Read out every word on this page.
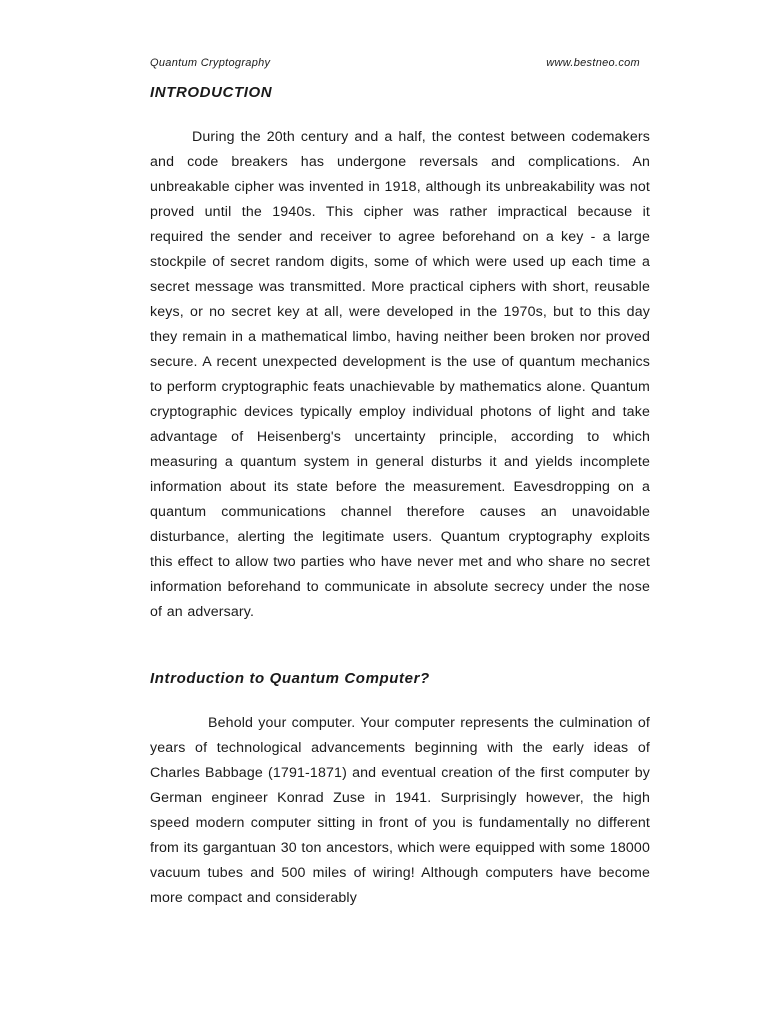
Quantum Cryptography	www.bestneo.com
INTRODUCTION

During the 20th century and a half, the contest between codemakers and code breakers has undergone reversals and complications. An unbreakable cipher was invented in 1918, although its unbreakability was not proved until the 1940s. This cipher was rather impractical because it required the sender and receiver to agree beforehand on a key - a large stockpile of secret random digits, some of which were used up each time a secret message was transmitted. More practical ciphers with short, reusable keys, or no secret key at all, were developed in the 1970s, but to this day they remain in a mathematical limbo, having neither been broken nor proved secure. A recent unexpected development is the use of quantum mechanics to perform cryptographic feats unachievable by mathematics alone. Quantum cryptographic devices typically employ individual photons of light and take advantage of Heisenberg's uncertainty principle, according to which measuring a quantum system in general disturbs it and yields incomplete information about its state before the measurement. Eavesdropping on a quantum communications channel therefore causes an unavoidable disturbance, alerting the legitimate users. Quantum cryptography exploits this effect to allow two parties who have never met and who share no secret information beforehand to communicate in absolute secrecy under the nose of an adversary.

Introduction to Quantum Computer?

Behold your computer. Your computer represents the culmination of years of technological advancements beginning with the early ideas of Charles Babbage (1791-1871) and eventual creation of the first computer by German engineer Konrad Zuse in 1941. Surprisingly however, the high speed modern computer sitting in front of you is fundamentally no different from its gargantuan 30 ton ancestors, which were equipped with some 18000 vacuum tubes and 500 miles of wiring! Although computers have become more compact and considerably
